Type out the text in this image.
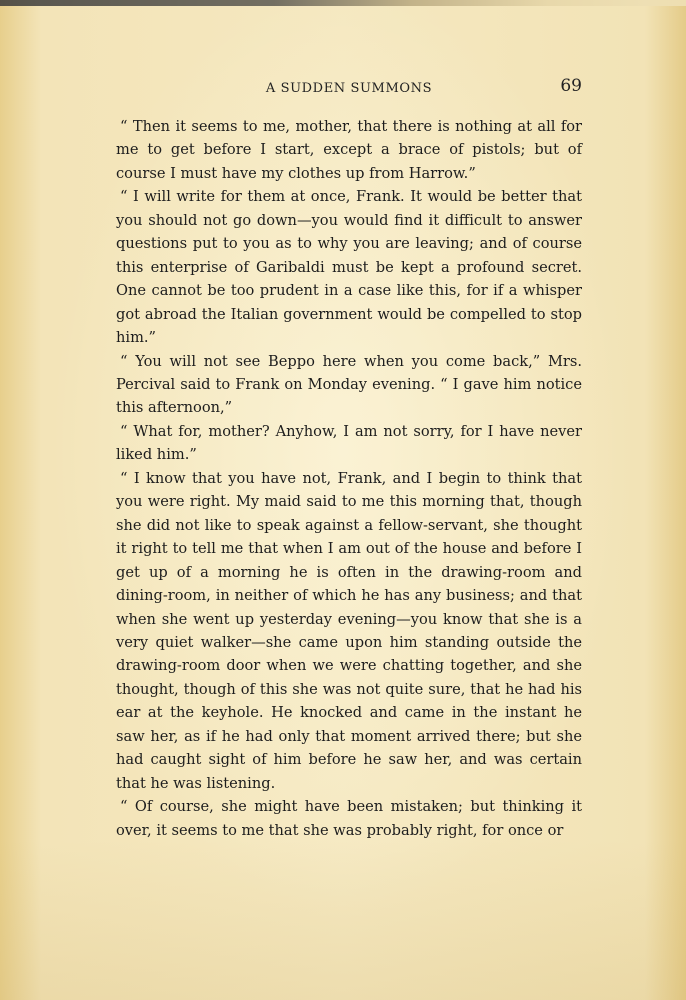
A SUDDEN SUMMONS	69

“ Then it seems to me, mother, that there is nothing at all for me to get before I start, except a brace of pistols; but of course I must have my clothes up from Harrow.”

“ I will write for them at once, Frank. It would be better that you should not go down—you would find it difficult to answer questions put to you as to why you are leaving; and of course this enterprise of Garibaldi must be kept a profound secret. One cannot be too prudent in a case like this, for if a whisper got abroad the Italian government would be compelled to stop him.”

“ You will not see Beppo here when you come back,” Mrs. Percival said to Frank on Monday evening. “ I gave him notice this afternoon,”

“ What for, mother? Anyhow, I am not sorry, for I have never liked him.”

“ I know that you have not, Frank, and I begin to think that you were right. My maid said to me this morning that, though she did not like to speak against a fellow-servant, she thought it right to tell me that when I am out of the house and before I get up of a morning he is often in the drawing-room and dining-room, in neither of which he has any business; and that when she went up yesterday evening—you know that she is a very quiet walker—she came upon him standing outside the drawing-room door when we were chatting together, and she thought, though of this she was not quite sure, that he had his ear at the keyhole. He knocked and came in the instant he saw her, as if he had only that moment arrived there; but she had caught sight of him before he saw her, and was certain that he was listening.

“ Of course, she might have been mistaken; but thinking it over, it seems to me that she was probably right, for once or
